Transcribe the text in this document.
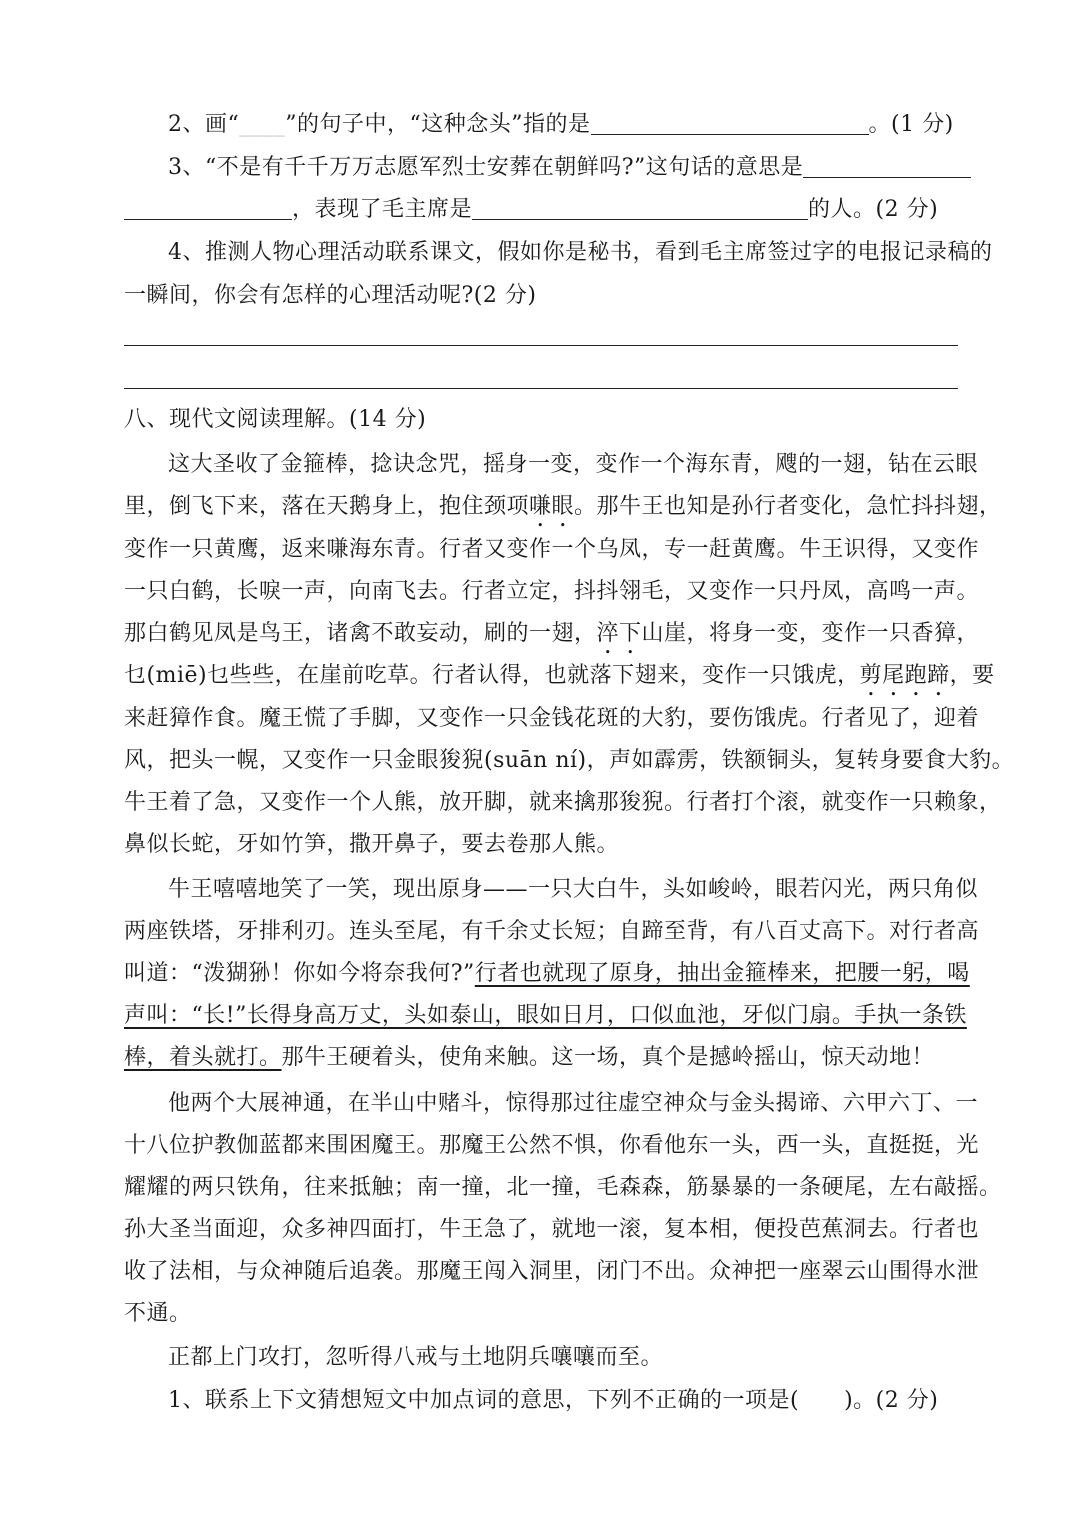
2、画“____”的句子中，“这种念头”指的是	。(1 分)
3、“不是有千千万万志愿军烈士安葬在朝鲜吗?”这句话的意思是
，表现了毛主席是	的人。(2 分)
4、推测人物心理活动联系课文，假如你是秘书，看到毛主席签过字的电报记录稿的
一瞬间，你会有怎样的心理活动呢?(2 分)
八、现代文阅读理解。(14 分)
这大圣收了金箍棒，捻诀念咒，摇身一变，变作一个海东青，飕的一翅，钻在云眼
里，倒飞下来，落在天鹅身上，抱住颈项嗛眼。那牛王也知是孙行者变化，急忙抖抖翅，
变作一只黄鹰，返来嗛海东青。行者又变作一个乌凤，专一赶黄鹰。牛王识得，又变作
一只白鹤，长唳一声，向南飞去。行者立定，抖抖翎毛，又变作一只丹凤，高鸣一声。
那白鹤见凤是鸟王，诸禽不敢妄动，刷的一翅，淬下山崖，将身一变，变作一只香獐，
乜(miē)乜些些，在崖前吃草。行者认得，也就落下翅来，变作一只饿虎，剪尾跑蹄，要
来赶獐作食。魔王慌了手脚，又变作一只金钱花斑的大豹，要伤饿虎。行者见了，迎着
风，把头一幌，又变作一只金眼狻猊(suān ní)，声如霹雳，铁额铜头，复转身要食大豹。
牛王着了急，又变作一个人熊，放开脚，就来擒那狻猊。行者打个滚，就变作一只赖象，
鼻似长蛇，牙如竹笋，撒开鼻子，要去卷那人熊。
牛王嘻嘻地笑了一笑，现出原身——一只大白牛，头如峻岭，眼若闪光，两只角似
两座铁塔，牙排利刃。连头至尾，有千余丈长短；自蹄至背，有八百丈高下。对行者高
叫道：“泼猢狲！你如今将奈我何?”行者也就现了原身，抽出金箍棒来，把腰一躬，喝
声叫：“长!”长得身高万丈，头如泰山，眼如日月，口似血池，牙似门扇。手执一条铁
棒，着头就打。那牛王硬着头，使角来触。这一场，真个是撼岭摇山，惊天动地！
他两个大展神通，在半山中赌斗，惊得那过往虚空神众与金头揭谛、六甲六丁、一
十八位护教伽蓝都来围困魔王。那魔王公然不惧，你看他东一头，西一头，直挺挺，光
耀耀的两只铁角，往来抵触；南一撞，北一撞，毛森森，筋暴暴的一条硬尾，左右敲摇。
孙大圣当面迎，众多神四面打，牛王急了，就地一滚，复本相，便投芭蕉洞去。行者也
收了法相，与众神随后追袭。那魔王闯入洞里，闭门不出。众神把一座翠云山围得水泄
不通。
正都上门攻打，忽听得八戒与土地阴兵嚷嚷而至。
1、联系上下文猜想短文中加点词的意思，下列不正确的一项是(　　)。(2 分)
